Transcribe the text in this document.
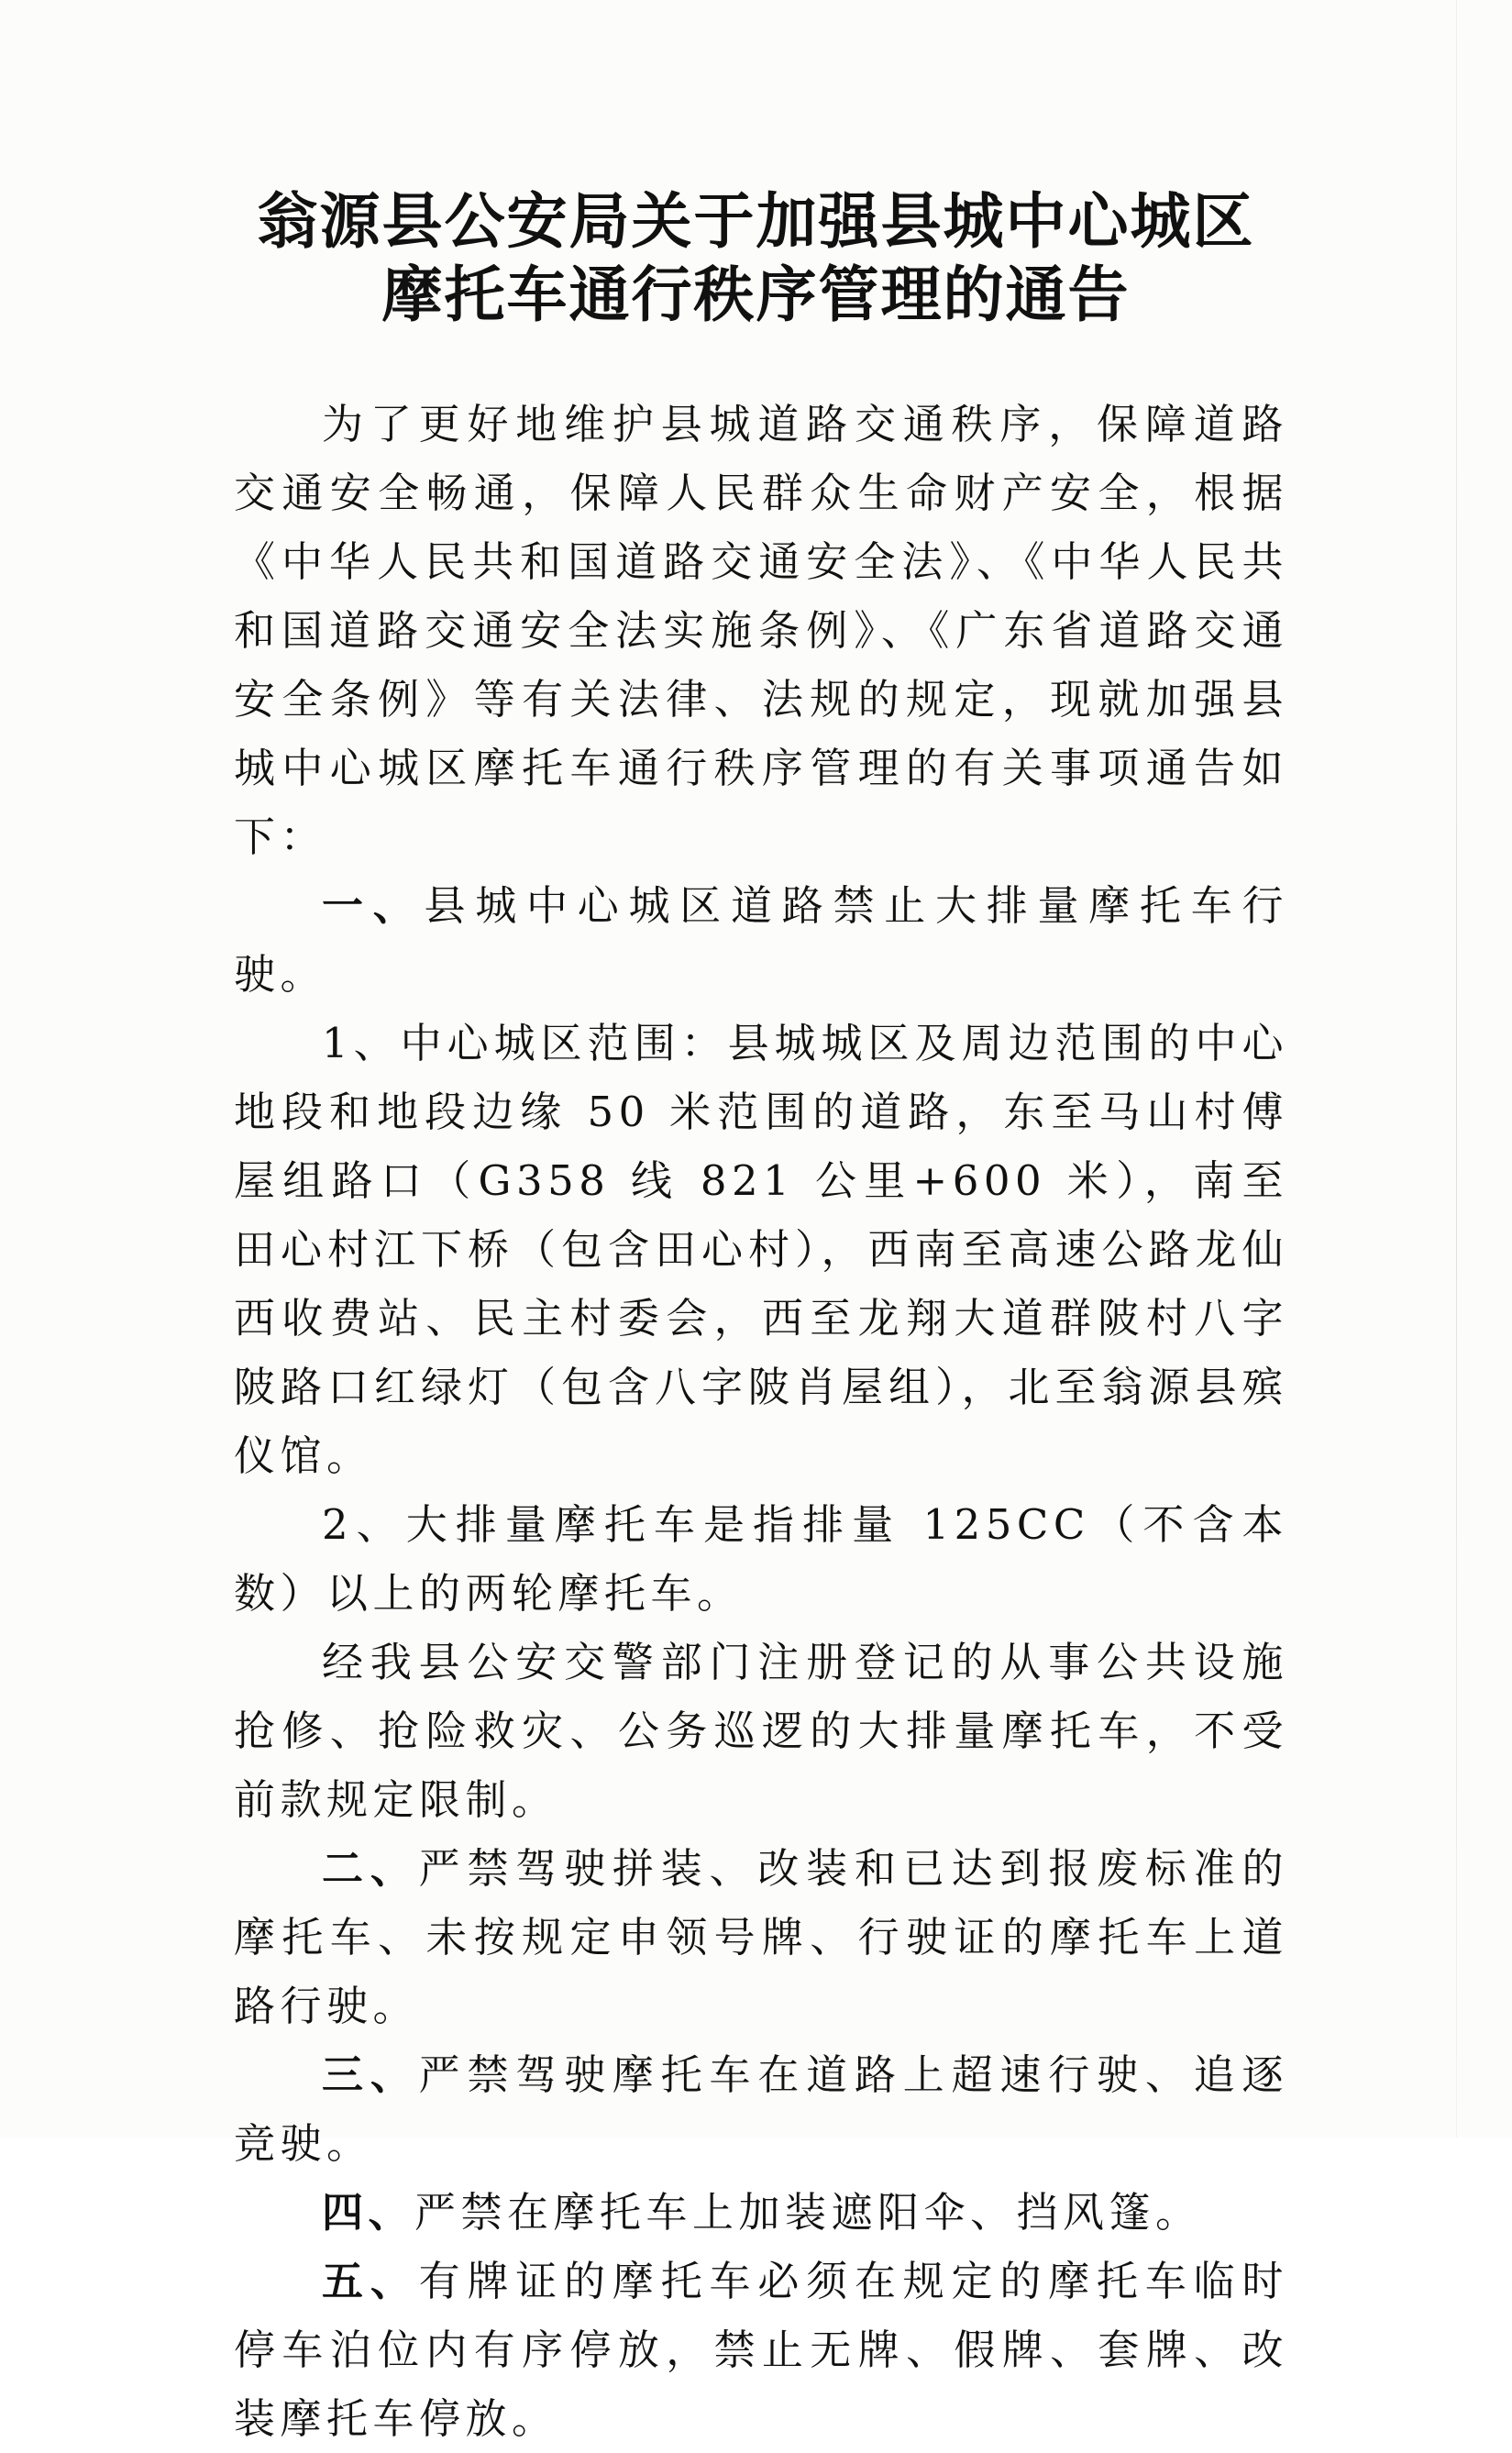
翁源县公安局关于加强县城中心城区
摩托车通行秩序管理的通告

为了更好地维护县城道路交通秩序，保障道路交通安全畅通，保障人民群众生命财产安全，根据《中华人民共和国道路交通安全法》、《中华人民共和国道路交通安全法实施条例》、《广东省道路交通安全条例》等有关法律、法规的规定，现就加强县城中心城区摩托车通行秩序管理的有关事项通告如下：

一、县城中心城区道路禁止大排量摩托车行驶。

1、中心城区范围：县城城区及周边范围的中心地段和地段边缘 50 米范围的道路，东至马山村傅屋组路口（G358 线 821 公里+600 米），南至田心村江下桥（包含田心村），西南至高速公路龙仙西收费站、民主村委会，西至龙翔大道群陂村八字陂路口红绿灯（包含八字陂肖屋组），北至翁源县殡仪馆。

2、大排量摩托车是指排量 125CC（不含本数）以上的两轮摩托车。

经我县公安交警部门注册登记的从事公共设施抢修、抢险救灾、公务巡逻的大排量摩托车，不受前款规定限制。

二、严禁驾驶拼装、改装和已达到报废标准的摩托车、未按规定申领号牌、行驶证的摩托车上道路行驶。

三、严禁驾驶摩托车在道路上超速行驶、追逐竞驶。

四、严禁在摩托车上加装遮阳伞、挡风篷。

五、有牌证的摩托车必须在规定的摩托车临时停车泊位内有序停放，禁止无牌、假牌、套牌、改装摩托车停放。
